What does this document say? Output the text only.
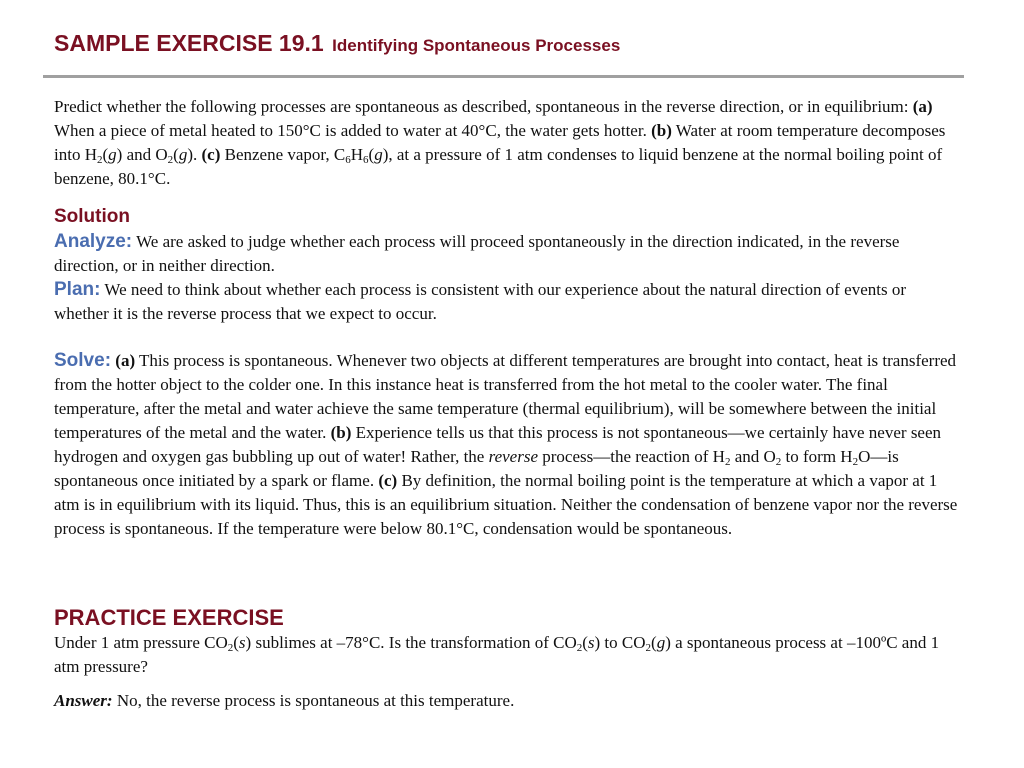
SAMPLE EXERCISE 19.1 Identifying Spontaneous Processes
Predict whether the following processes are spontaneous as described, spontaneous in the reverse direction, or in equilibrium: (a) When a piece of metal heated to 150°C is added to water at 40°C, the water gets hotter. (b) Water at room temperature decomposes into $H_2(g)$ and $O_2(g)$. (c) Benzene vapor, $C_6H_6(g)$, at a pressure of 1 atm condenses to liquid benzene at the normal boiling point of benzene, 80.1°C.
Solution
Analyze: We are asked to judge whether each process will proceed spontaneously in the direction indicated, in the reverse direction, or in neither direction.
Plan: We need to think about whether each process is consistent with our experience about the natural direction of events or whether it is the reverse process that we expect to occur.
Solve: (a) This process is spontaneous. Whenever two objects at different temperatures are brought into contact, heat is transferred from the hotter object to the colder one. In this instance heat is transferred from the hot metal to the cooler water. The final temperature, after the metal and water achieve the same temperature (thermal equilibrium), will be somewhere between the initial temperatures of the metal and the water. (b) Experience tells us that this process is not spontaneous—we certainly have never seen hydrogen and oxygen gas bubbling up out of water! Rather, the reverse process—the reaction of $H_2$ and $O_2$ to form $H_2O—is$ spontaneous once initiated by a spark or flame. (c) By definition, the normal boiling point is the temperature at which a vapor at 1 atm is in equilibrium with its liquid. Thus, this is an equilibrium situation. Neither the condensation of benzene vapor nor the reverse process is spontaneous. If the temperature were below 80.1°C, condensation would be spontaneous.
PRACTICE EXERCISE
Under 1 atm pressure $CO_2(s)$ sublimes at –78°C. Is the transformation of $CO_2(s)$ to $CO_2(g)$ a spontaneous process at –100ºC and 1 atm pressure?
Answer: No, the reverse process is spontaneous at this temperature.
